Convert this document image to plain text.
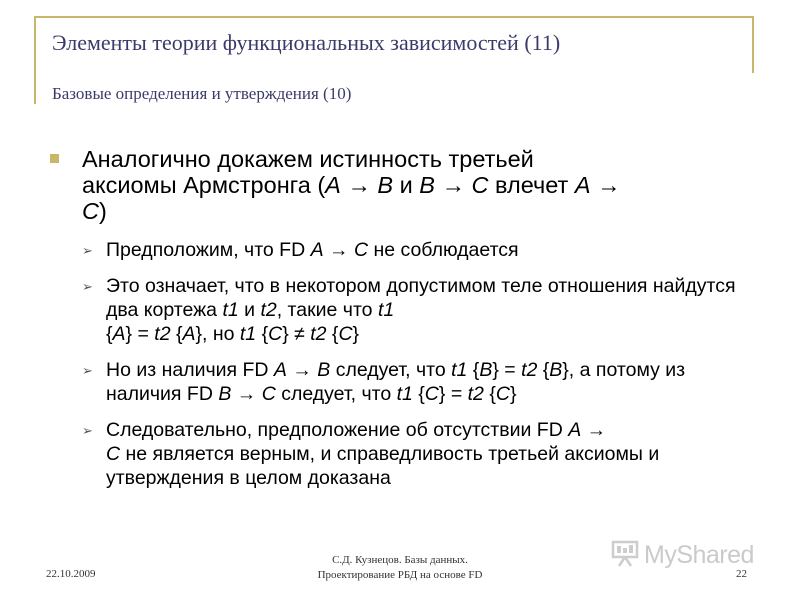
Элементы теории функциональных зависимостей (11)
Базовые определения и утверждения (10)
Аналогично докажем истинность третьей
аксиомы Армстронга (A → B и B → C влечет A →
C)
➢ Предположим, что FD A → C не соблюдается
➢ Это означает, что в некотором допустимом теле отношения найдутся два кортежа t1 и t2, такие что t1
{A} = t2 {A}, но t1 {C} ≠ t2 {C}
➢ Но из наличия FD A → B следует, что t1 {B} = t2 {B}, а потому из наличия FD B → C следует, что t1 {C} = t2 {C}
➢ Следовательно, предположение об отсутствии FD A →
C не является верным, и справедливость третьей аксиомы и утверждения в целом доказана
22.10.2009
С.Д. Кузнецов. Базы данных.
Проектирование РБД на основе FD	22
MyShared
